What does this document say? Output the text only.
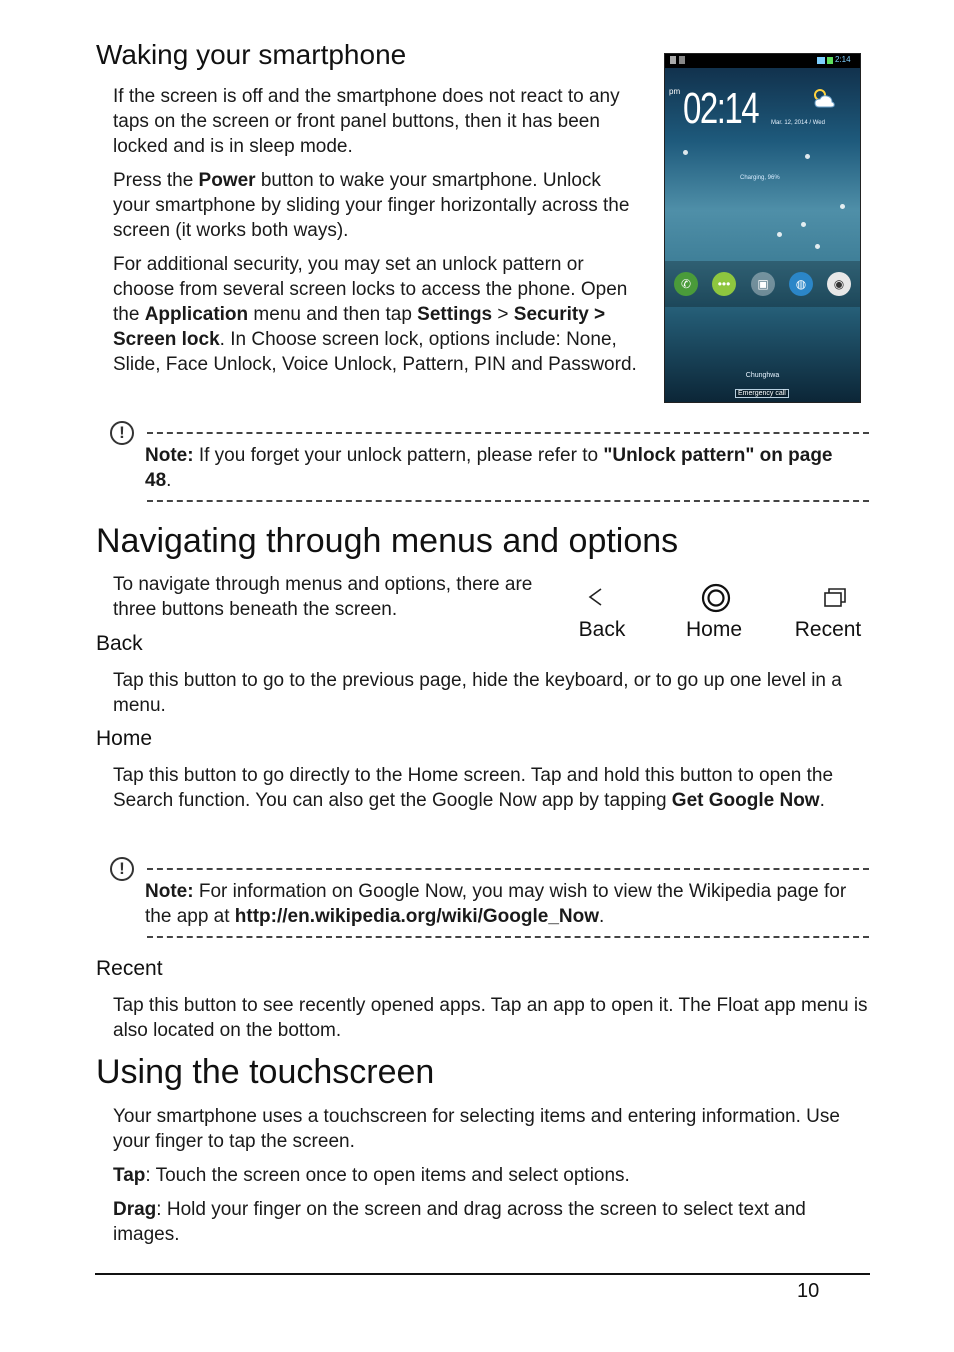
Waking your smartphone

If the screen is off and the smartphone does not react to any taps on the screen or front panel buttons, then it has been locked and is in sleep mode.

Press the Power button to wake your smartphone. Unlock your smartphone by sliding your finger horizontally across the screen (it works both ways).

For additional security, you may set an unlock pattern or choose from several screen locks to access the phone. Open the Application menu and then tap Settings > Security > Screen lock. In Choose screen lock, options include: None, Slide, Face Unlock, Voice Unlock, Pattern, PIN and Password.

2:14
pm 02:14 Mar. 12, 2014 / Wed
Charging, 96%
✆	•••	▣	◍	◉
Chunghwa
Emergency call
!

Note: If you forget your unlock pattern, please refer to "Unlock pattern" on page 48.

Navigating through menus and options

To navigate through menus and options, there are three buttons beneath the screen.

Back	Home	Recent
Back

Tap this button to go to the previous page, hide the keyboard, or to go up one level in a menu.

Home

Tap this button to go directly to the Home screen. Tap and hold this button to open the Search function. You can also get the Google Now app by tapping Get Google Now.

!

Note: For information on Google Now, you may wish to view the Wikipedia page for the app at http://en.wikipedia.org/wiki/Google_Now.

Recent

Tap this button to see recently opened apps. Tap an app to open it. The Float app menu is also located on the bottom.

Using the touchscreen

Your smartphone uses a touchscreen for selecting items and entering information. Use your finger to tap the screen.

Tap: Touch the screen once to open items and select options.

Drag: Hold your finger on the screen and drag across the screen to select text and images.

10
